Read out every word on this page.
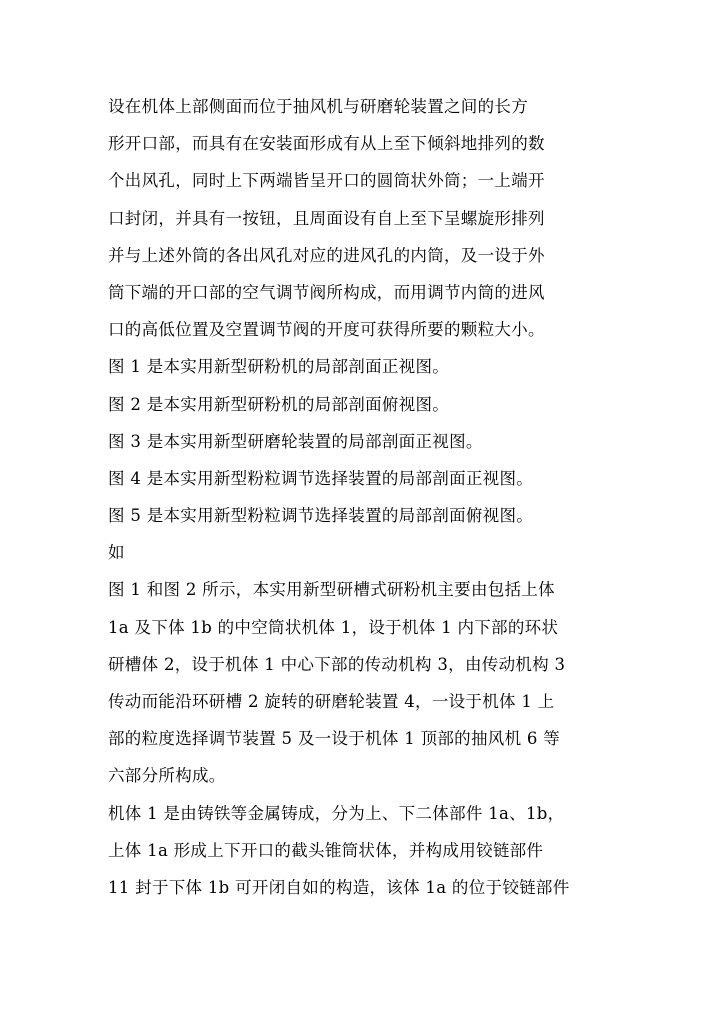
设在机体上部侧面而位于抽风机与研磨轮装置之间的长方
形开口部，而具有在安装面形成有从上至下倾斜地排列的数
个出风孔，同时上下两端皆呈开口的圆筒状外筒；一上端开
口封闭，并具有一按钮，且周面设有自上至下呈螺旋形排列
并与上述外筒的各出风孔对应的进风孔的内筒，及一设于外
筒下端的开口部的空气调节阀所构成，而用调节内筒的进风
口的高低位置及空置调节阀的开度可获得所要的颗粒大小。
图 1 是本实用新型研粉机的局部剖面正视图。
图 2 是本实用新型研粉机的局部剖面俯视图。
图 3 是本实用新型研磨轮装置的局部剖面正视图。
图 4 是本实用新型粉粒调节选择装置的局部剖面正视图。
图 5 是本实用新型粉粒调节选择装置的局部剖面俯视图。
如
图 1 和图 2 所示，本实用新型研槽式研粉机主要由包括上体
1a 及下体 1b 的中空筒状机体 1，设于机体 1 内下部的环状
研槽体 2，设于机体 1 中心下部的传动机构 3，由传动机构 3
传动而能沿环研槽 2 旋转的研磨轮装置 4，一设于机体 1 上
部的粒度选择调节装置 5 及一设于机体 1 顶部的抽风机 6 等
六部分所构成。
机体 1 是由铸铁等金属铸成，分为上、下二体部件 1a、1b，
上体 1a 形成上下开口的截头锥筒状体，并构成用铰链部件
11 封于下体 1b 可开闭自如的构造，该体 1a 的位于铰链部件
